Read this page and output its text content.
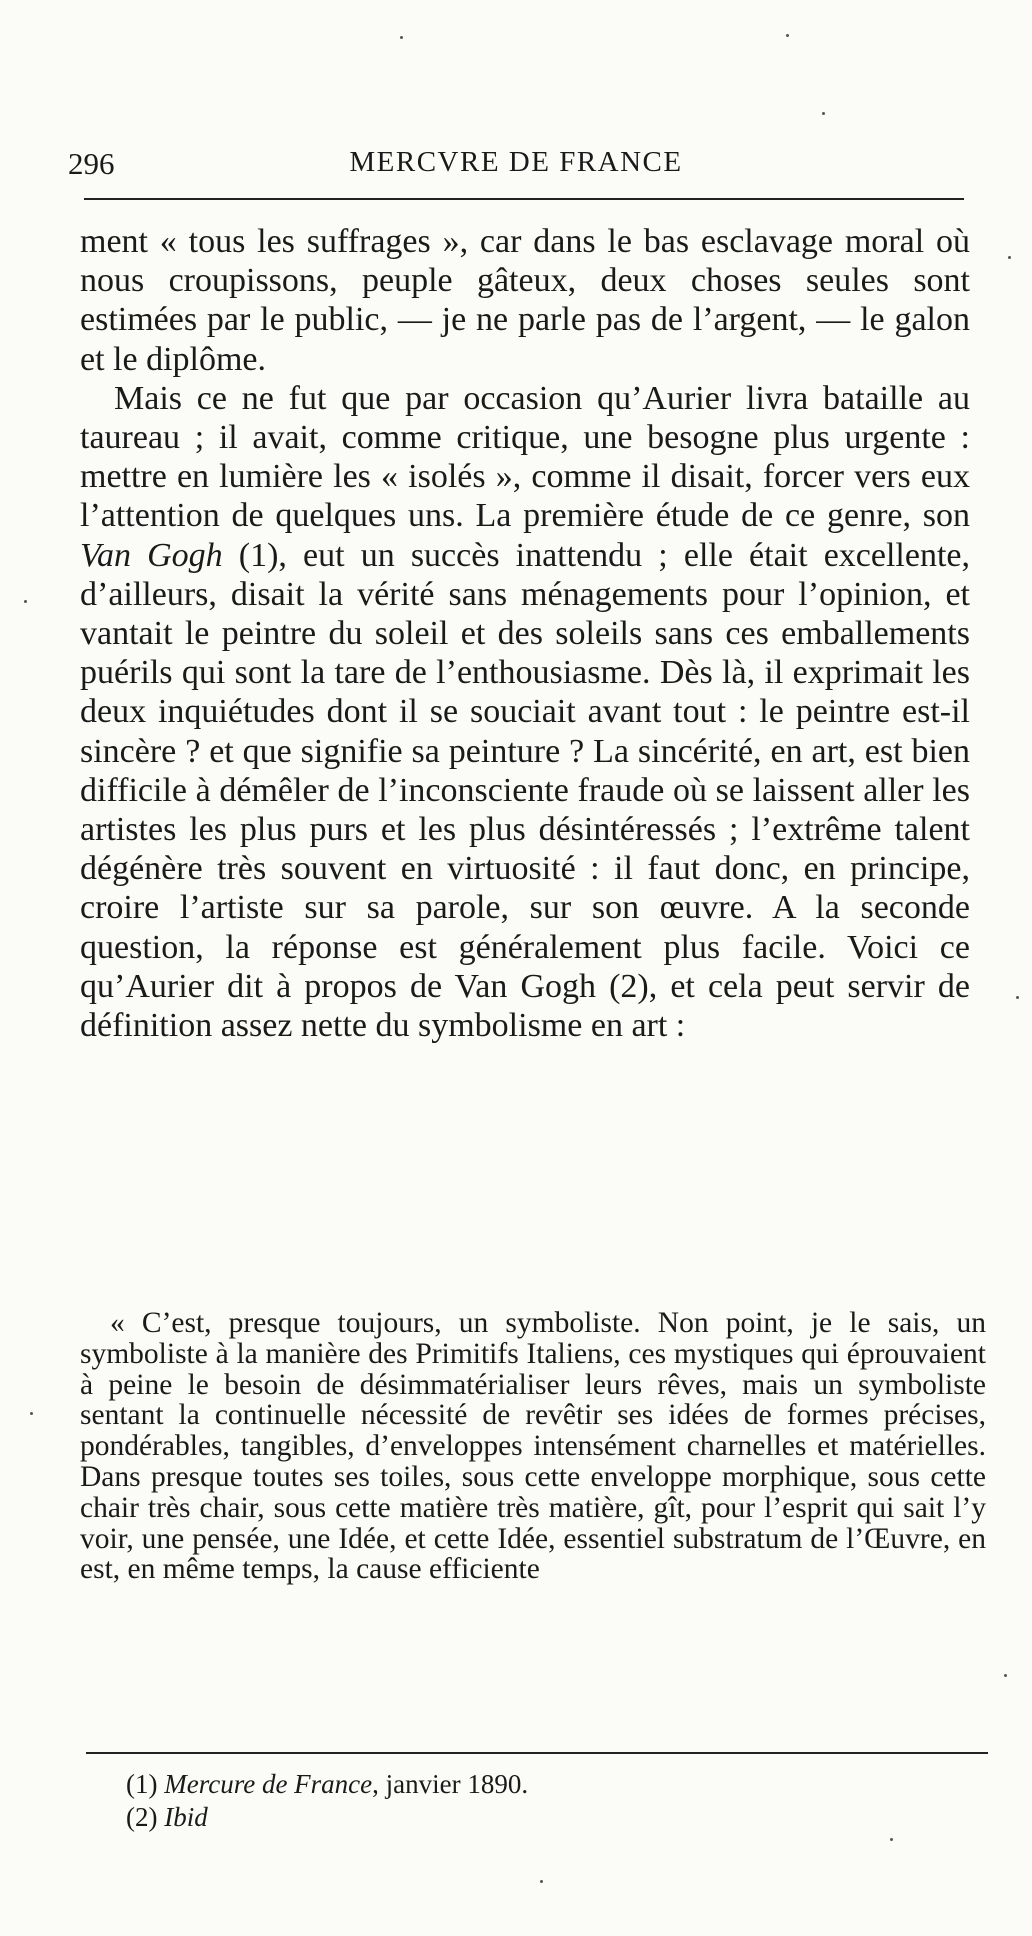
296	MERCVRE DE FRANCE

ment « tous les suffrages », car dans le bas esclavage moral où nous croupissons, peuple gâteux, deux choses seules sont estimées par le public, — je ne parle pas de l’argent, — le galon et le diplôme.

Mais ce ne fut que par occasion qu’Aurier livra bataille au taureau ; il avait, comme critique, une besogne plus urgente : mettre en lumière les « isolés », comme il disait, forcer vers eux l’attention de quelques uns. La première étude de ce genre, son Van Gogh (1), eut un succès inattendu ; elle était excellente, d’ailleurs, disait la vérité sans ménagements pour l’opinion, et vantait le peintre du soleil et des soleils sans ces emballements puérils qui sont la tare de l’enthousiasme. Dès là, il exprimait les deux inquiétudes dont il se souciait avant tout : le peintre est-il sincère ? et que signifie sa peinture ? La sincérité, en art, est bien difficile à démêler de l’inconsciente fraude où se laissent aller les artistes les plus purs et les plus désintéressés ; l’extrême talent dégénère très souvent en virtuosité : il faut donc, en principe, croire l’artiste sur sa parole, sur son œuvre. A la seconde question, la réponse est généralement plus facile. Voici ce qu’Aurier dit à propos de Van Gogh (2), et cela peut servir de définition assez nette du symbolisme en art :

« C’est, presque toujours, un symboliste. Non point, je le sais, un symboliste à la manière des Primitifs Italiens, ces mystiques qui éprouvaient à peine le besoin de désimmatérialiser leurs rêves, mais un symboliste sentant la continuelle nécessité de revêtir ses idées de formes précises, pondérables, tangibles, d’enveloppes intensément charnelles et matérielles. Dans presque toutes ses toiles, sous cette enveloppe morphique, sous cette chair très chair, sous cette matière très matière, gît, pour l’esprit qui sait l’y voir, une pensée, une Idée, et cette Idée, essentiel substratum de l’Œuvre, en est, en même temps, la cause efficiente

(1) Mercure de France, janvier 1890.
(2) Ibid
